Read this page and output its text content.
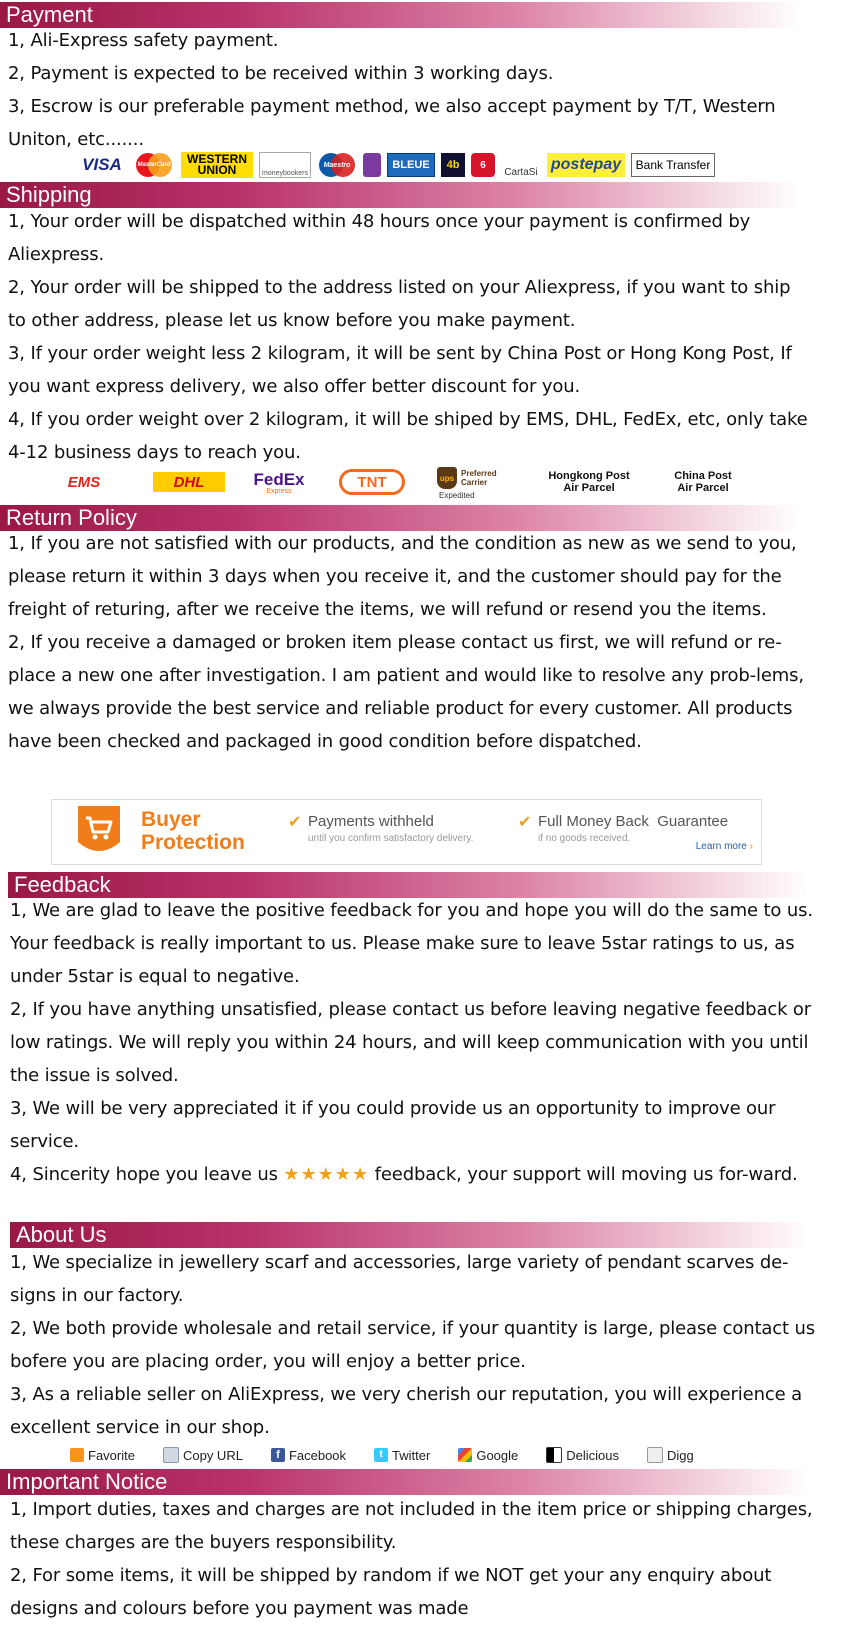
Payment

1, Ali-Express safety payment.

2, Payment is expected to be received within 3 working days.

3, Escrow is our preferable payment method, we also accept payment by T/T, Western Uniton, etc.......

VISA	MasterCard	WESTERN UNION	moneybookers
Maestro	BLEUE	4b	6
CartaSi postepay	Bank Transfer
Shipping

1, Your order will be dispatched within 48 hours once your payment is confirmed by Aliexpress.

2, Your order will be shipped to the address listed on your Aliexpress, if you want to ship to other address, please let us know before you make payment.

3, If your order weight less 2 kilogram, it will be sent by China Post or Hong Kong Post, If you want express delivery, we also offer better discount for you.

4, If you order weight over 2 kilogram, it will be shiped by EMS, DHL, FedEx, etc, only take 4-12 business days to reach you.

EMS	DHL	FedEx
Express
TNT	ups Preferred Carrier
Expedited
Hongkong Post Air Parcel
China Post Air Parcel
Return Policy

1, If you are not satisfied with our products, and the condition as new as we send to you, please return it within 3 days when you receive it, and the customer should pay for the freight of returing, after we receive the items, we will refund or resend you the items.

2, If you receive a damaged or broken item please contact us first, we will refund or re-place a new one after investigation. I am patient and would like to resolve any prob-lems, we always provide the best service and reliable product for every customer. All products have been checked and packaged in good condition before dispatched.

Buyer
Protection
✔ Payments withheld
until you confirm satisfactory delivery.
✔ Full Money Back  Guarantee
if no goods received.
Learn more ›
Feedback

1, We are glad to leave the positive feedback for you and hope you will do the same to us. Your feedback is really important to us. Please make sure to leave 5star ratings to us, as under 5star is equal to negative.

2, If you have anything unsatisfied, please contact us before leaving negative feedback or low ratings. We will reply you within 24 hours, and will keep communication with you until the issue is solved.

3, We will be very appreciated it if you could provide us an opportunity to improve our service.

4, Sincerity hope you leave us ★★★★★ feedback, your support will moving us for-ward.

About Us

1, We specialize in jewellery scarf and accessories, large variety of pendant scarves de-signs in our factory.

2, We both provide wholesale and retail service, if your quantity is large, please contact us bofere you are placing order, you will enjoy a better price.

3, As a reliable seller on AliExpress, we very cherish our reputation, you will experience a excellent service in our shop.

Favorite	Copy URL	f Facebook	t Twitter	Google	Delicious	Digg
Important Notice

1, Import duties, taxes and charges are not included in the item price or shipping charges, these charges are the buyers responsibility.

2, For some items, it will be shipped by random if we NOT get your any enquiry about designs and colours before you payment was made
